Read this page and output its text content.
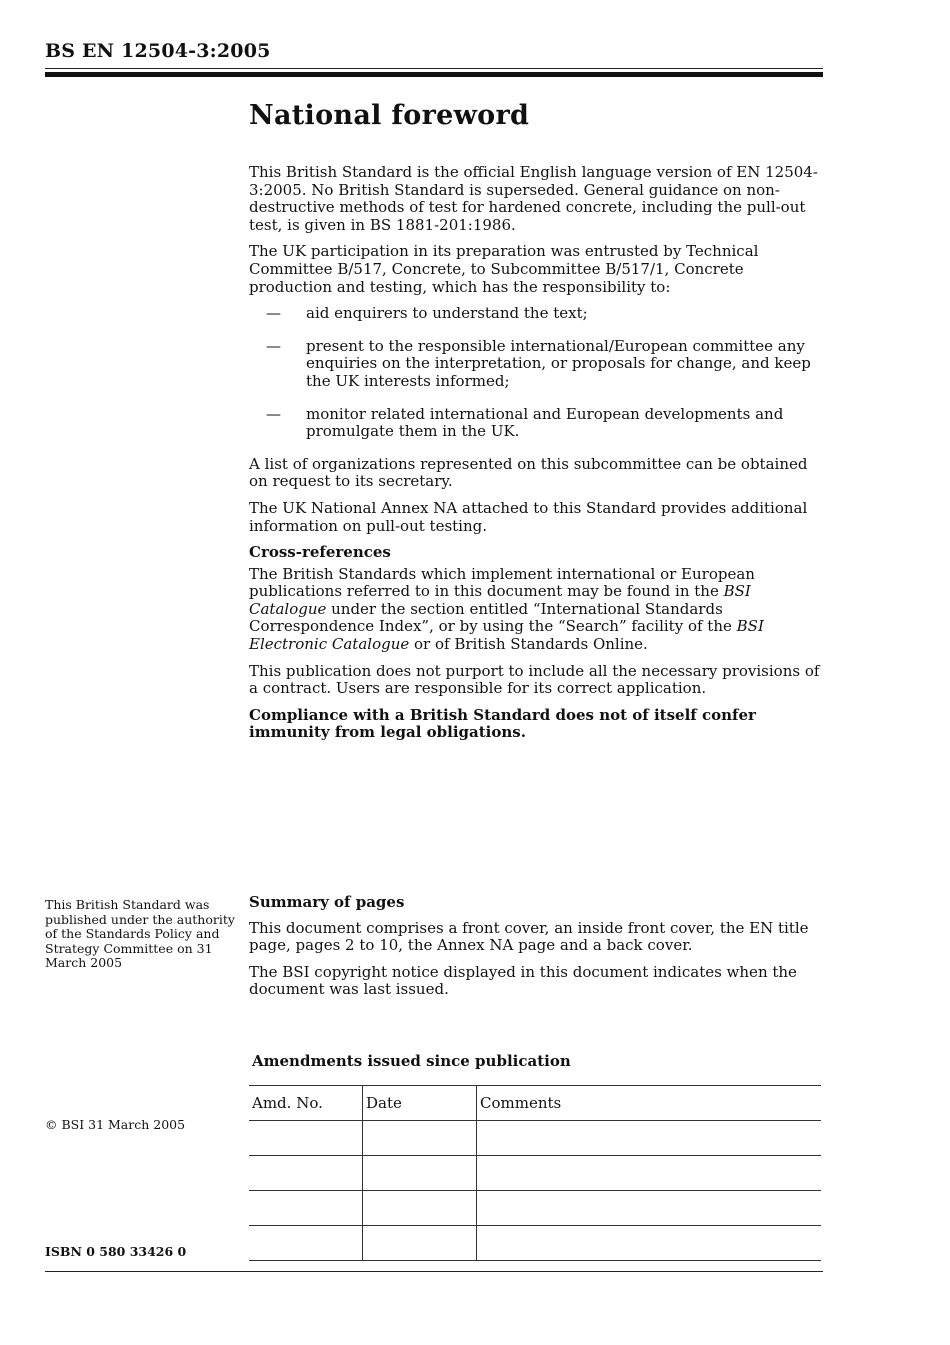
BS EN 12504-3:2005
National foreword

This British Standard is the official English language version of EN 12504-3:2005. No British Standard is superseded. General guidance on non-destructive methods of test for hardened concrete, including the pull-out test, is given in BS 1881-201:1986.

The UK participation in its preparation was entrusted by Technical Committee B/517, Concrete, to Subcommittee B/517/1, Concrete production and testing, which has the responsibility to:

— aid enquirers to understand the text;
— present to the responsible international/European committee any enquiries on the interpretation, or proposals for change, and keep the UK interests informed;
— monitor related international and European developments and promulgate them in the UK.

A list of organizations represented on this subcommittee can be obtained on request to its secretary.

The UK National Annex NA attached to this Standard provides additional information on pull-out testing.

Cross-references

The British Standards which implement international or European publications referred to in this document may be found in the BSI Catalogue under the section entitled “International Standards Correspondence Index”, or by using the “Search” facility of the BSI Electronic Catalogue or of British Standards Online.

This publication does not purport to include all the necessary provisions of a contract. Users are responsible for its correct application.

Compliance with a British Standard does not of itself confer immunity from legal obligations.

This British Standard was published under the authority of the Standards Policy and Strategy Committee on 31 March 2005
© BSI 31 March 2005
ISBN 0 580 33426 0

Summary of pages

This document comprises a front cover, an inside front cover, the EN title page, pages 2 to 10, the Annex NA page and a back cover.

The BSI copyright notice displayed in this document indicates when the document was last issued.

Amendments issued since publication
Amd. No.	Date	Comments
